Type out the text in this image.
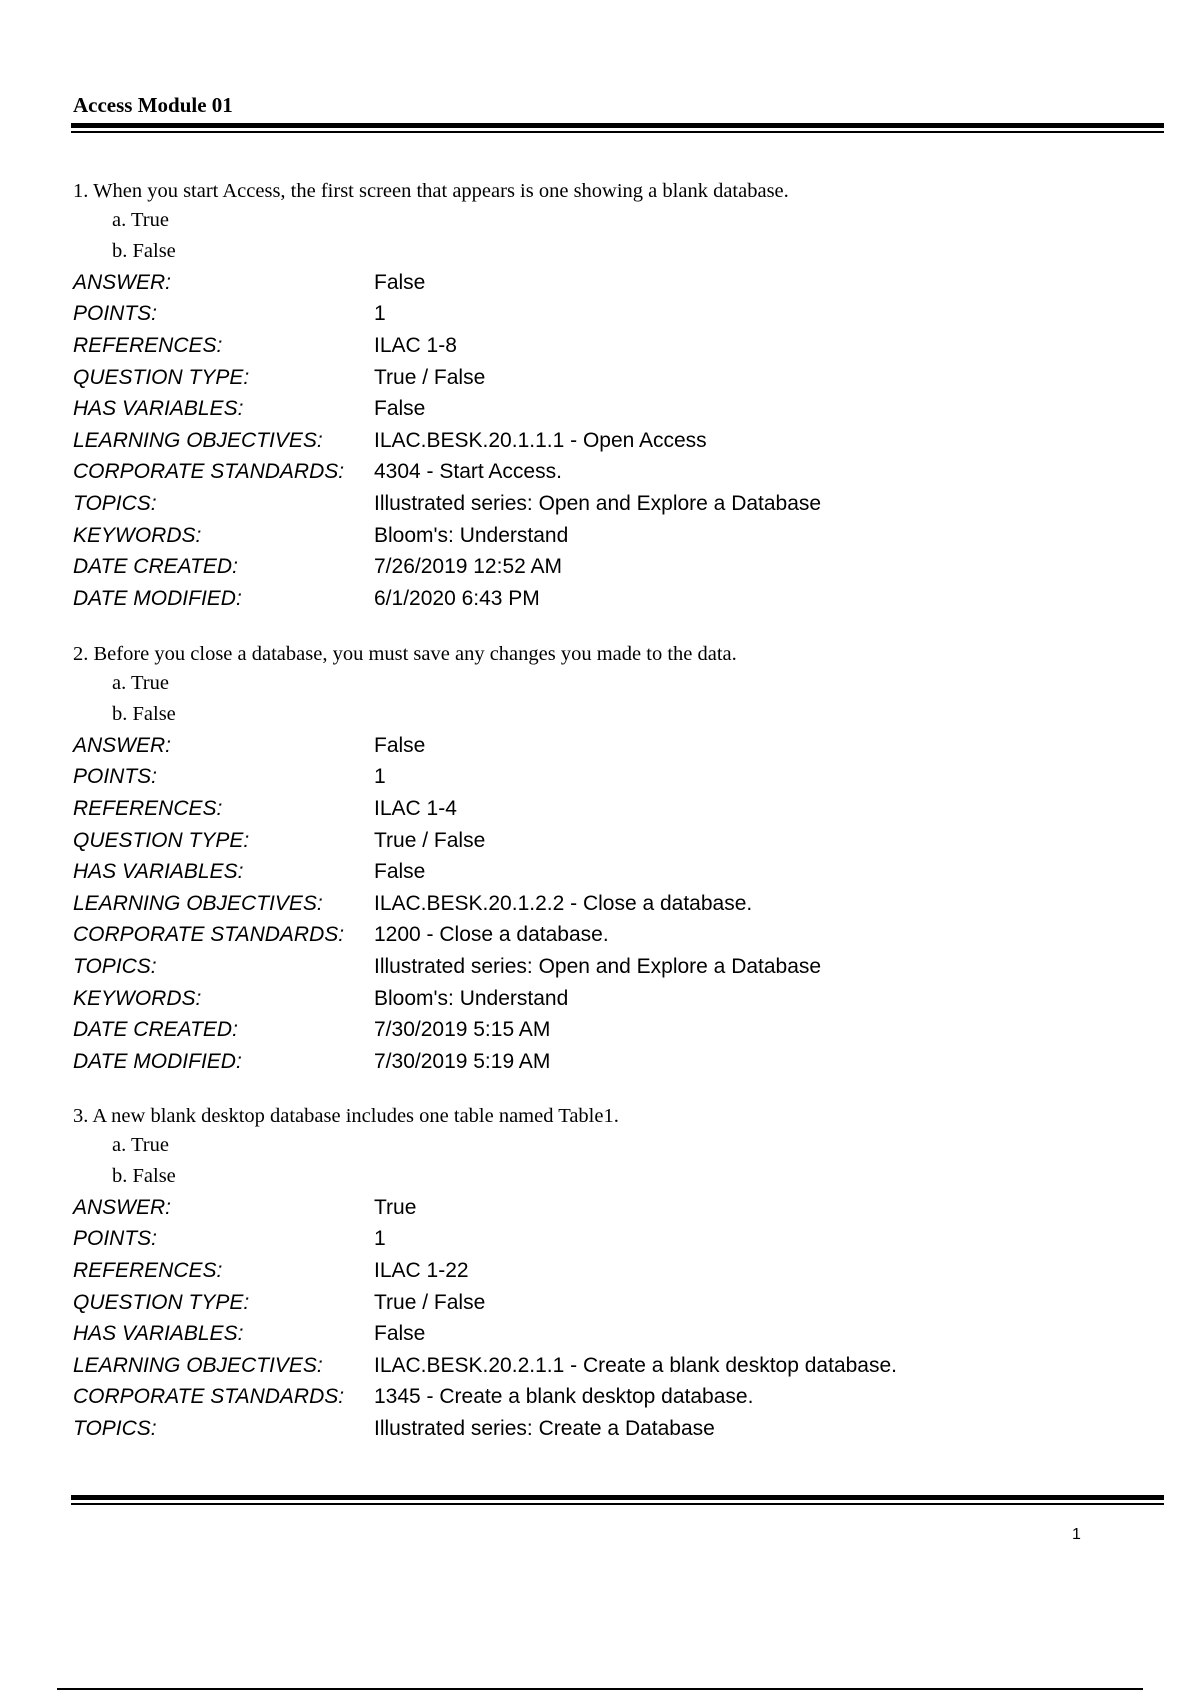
Access Module 01

1. When you start Access, the first screen that appears is one showing a blank database.

a. True
b. False
ANSWER:	False
POINTS:	1
REFERENCES:	ILAC 1-8
QUESTION TYPE:	True / False
HAS VARIABLES:	False
LEARNING OBJECTIVES:	ILAC.BESK.20.1.1.1 - Open Access
CORPORATE STANDARDS:	4304 - Start Access.
TOPICS:	Illustrated series: Open and Explore a Database
KEYWORDS:	Bloom's: Understand
DATE CREATED:	7/26/2019 12:52 AM
DATE MODIFIED:	6/1/2020 6:43 PM

2. Before you close a database, you must save any changes you made to the data.

a. True
b. False
ANSWER:	False
POINTS:	1
REFERENCES:	ILAC 1-4
QUESTION TYPE:	True / False
HAS VARIABLES:	False
LEARNING OBJECTIVES:	ILAC.BESK.20.1.2.2 - Close a database.
CORPORATE STANDARDS:	1200 - Close a database.
TOPICS:	Illustrated series: Open and Explore a Database
KEYWORDS:	Bloom's: Understand
DATE CREATED:	7/30/2019 5:15 AM
DATE MODIFIED:	7/30/2019 5:19 AM

3. A new blank desktop database includes one table named Table1.

a. True
b. False
ANSWER:	True
POINTS:	1
REFERENCES:	ILAC 1-22
QUESTION TYPE:	True / False
HAS VARIABLES:	False
LEARNING OBJECTIVES:	ILAC.BESK.20.2.1.1 - Create a blank desktop database.
CORPORATE STANDARDS:	1345 - Create a blank desktop database.
TOPICS:	Illustrated series: Create a Database
1
